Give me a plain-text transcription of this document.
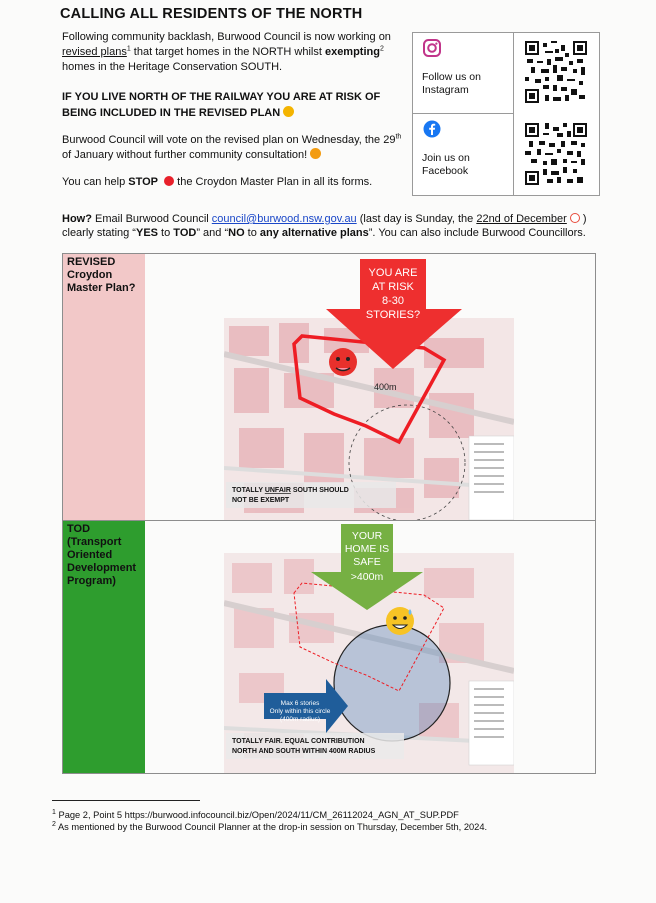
CALLING ALL RESIDENTS OF THE NORTH

Following community backlash, Burwood Council is now working on revised plans$^1$ that target homes in the NORTH whilst exempting$^2$ homes in the Heritage Conservation SOUTH.

IF YOU LIVE NORTH OF THE RAILWAY YOU ARE AT RISK OF BEING INCLUDED IN THE REVISED PLAN

Burwood Council will vote on the revised plan on Wednesday, the 29th of January without further community consultation!

You can help STOP  the Croydon Master Plan in all its forms.

Follow us on Instagram
Join us on Facebook
How? Email Burwood Council council@burwood.nsw.gov.au (last day is Sunday, the 22nd of December ) clearly stating “YES to TOD” and “NO to any alternative plans”. You can also include Burwood Councillors.
REVISED Croydon Master Plan?
400m
TOTALLY UNFAIR SOUTH SHOULD
NOT BE EXEMPT
YOU ARE
AT RISK
8-30
STORIES?
TOD (Transport Oriented Development Program)
Max 6 stories
Only within this circle
(400m radius)
TOTALLY FAIR. EQUAL CONTRIBUTION
NORTH AND SOUTH WITHIN 400M RADIUS
YOUR
HOME IS
SAFE
>400m
$^1$ Page 2, Point 5 https://burwood.infocouncil.biz/Open/2024/11/CM_26112024_AGN_AT_SUP.PDF
$^2$ As mentioned by the Burwood Council Planner at the drop-in session on Thursday, December 5th, 2024.
